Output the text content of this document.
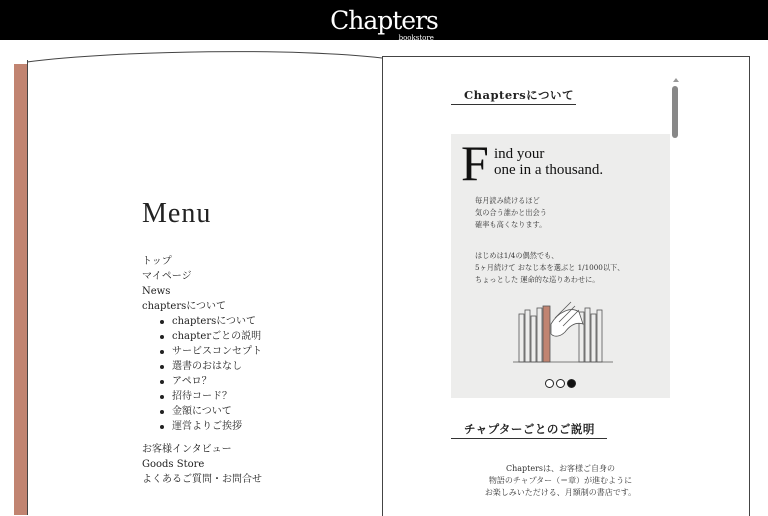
Chapters
bookstore
Menu
トップ
マイページ
News
chaptersについて
chaptersについて
chapterごとの説明
サービスコンセプト
選書のおはなし
アペロ？
招待コード？
金額について
運営よりご挨拶
お客様インタビュー
Goods Store
よくあるご質問・お問合せ
Chaptersについて
F ind your
one in a thousand.
毎月読み続けるほど
気の合う誰かと出会う
確率も高くなります。
はじめは1/4の偶然でも、
5ヶ月続けて おなじ本を選ぶと 1/1000以下、
ちょっとした 運命的な巡りあわせに。
チャプターごとのご説明
Chaptersは、お客様ご自身の
物語のチャプター（＝章）が進むように
お楽しみいただける、月額制の書店です。
